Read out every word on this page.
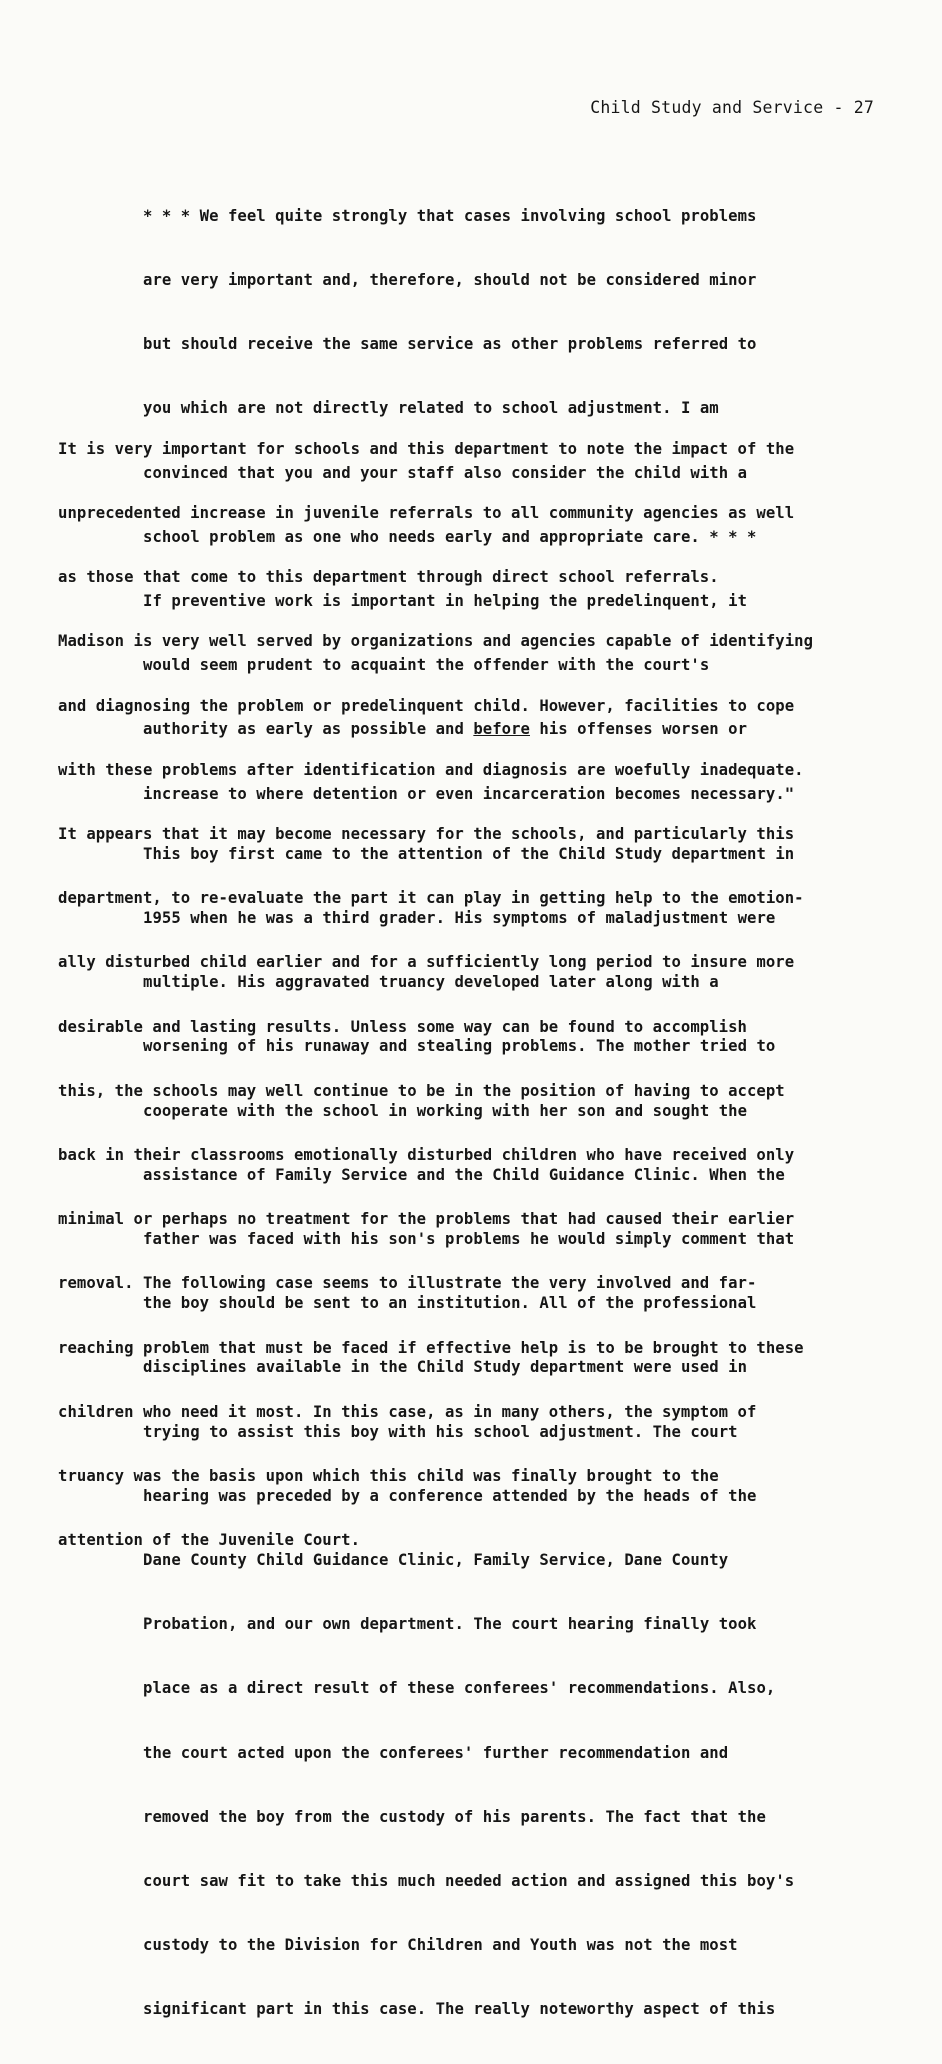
Child Study and Service - 27

* * * We feel quite strongly that cases involving school problems

are very important and, therefore, should not be considered minor

but should receive the same service as other problems referred to

you which are not directly related to school adjustment. I am

convinced that you and your staff also consider the child with a

school problem as one who needs early and appropriate care. * * *

If preventive work is important in helping the predelinquent, it

would seem prudent to acquaint the offender with the court's

authority as early as possible and before his offenses worsen or

increase to where detention or even incarceration becomes necessary."

It is very important for schools and this department to note the impact of the

unprecedented increase in juvenile referrals to all community agencies as well

as those that come to this department through direct school referrals.

Madison is very well served by organizations and agencies capable of identifying

and diagnosing the problem or predelinquent child. However, facilities to cope

with these problems after identification and diagnosis are woefully inadequate.

It appears that it may become necessary for the schools, and particularly this

department, to re-evaluate the part it can play in getting help to the emotion-

ally disturbed child earlier and for a sufficiently long period to insure more

desirable and lasting results. Unless some way can be found to accomplish

this, the schools may well continue to be in the position of having to accept

back in their classrooms emotionally disturbed children who have received only

minimal or perhaps no treatment for the problems that had caused their earlier

removal. The following case seems to illustrate the very involved and far-

reaching problem that must be faced if effective help is to be brought to these

children who need it most. In this case, as in many others, the symptom of

truancy was the basis upon which this child was finally brought to the

attention of the Juvenile Court.

This boy first came to the attention of the Child Study department in

1955 when he was a third grader. His symptoms of maladjustment were

multiple. His aggravated truancy developed later along with a

worsening of his runaway and stealing problems. The mother tried to

cooperate with the school in working with her son and sought the

assistance of Family Service and the Child Guidance Clinic. When the

father was faced with his son's problems he would simply comment that

the boy should be sent to an institution. All of the professional

disciplines available in the Child Study department were used in

trying to assist this boy with his school adjustment. The court

hearing was preceded by a conference attended by the heads of the

Dane County Child Guidance Clinic, Family Service, Dane County

Probation, and our own department. The court hearing finally took

place as a direct result of these conferees' recommendations. Also,

the court acted upon the conferees' further recommendation and

removed the boy from the custody of his parents. The fact that the

court saw fit to take this much needed action and assigned this boy's

custody to the Division for Children and Youth was not the most

significant part in this case. The really noteworthy aspect of this
